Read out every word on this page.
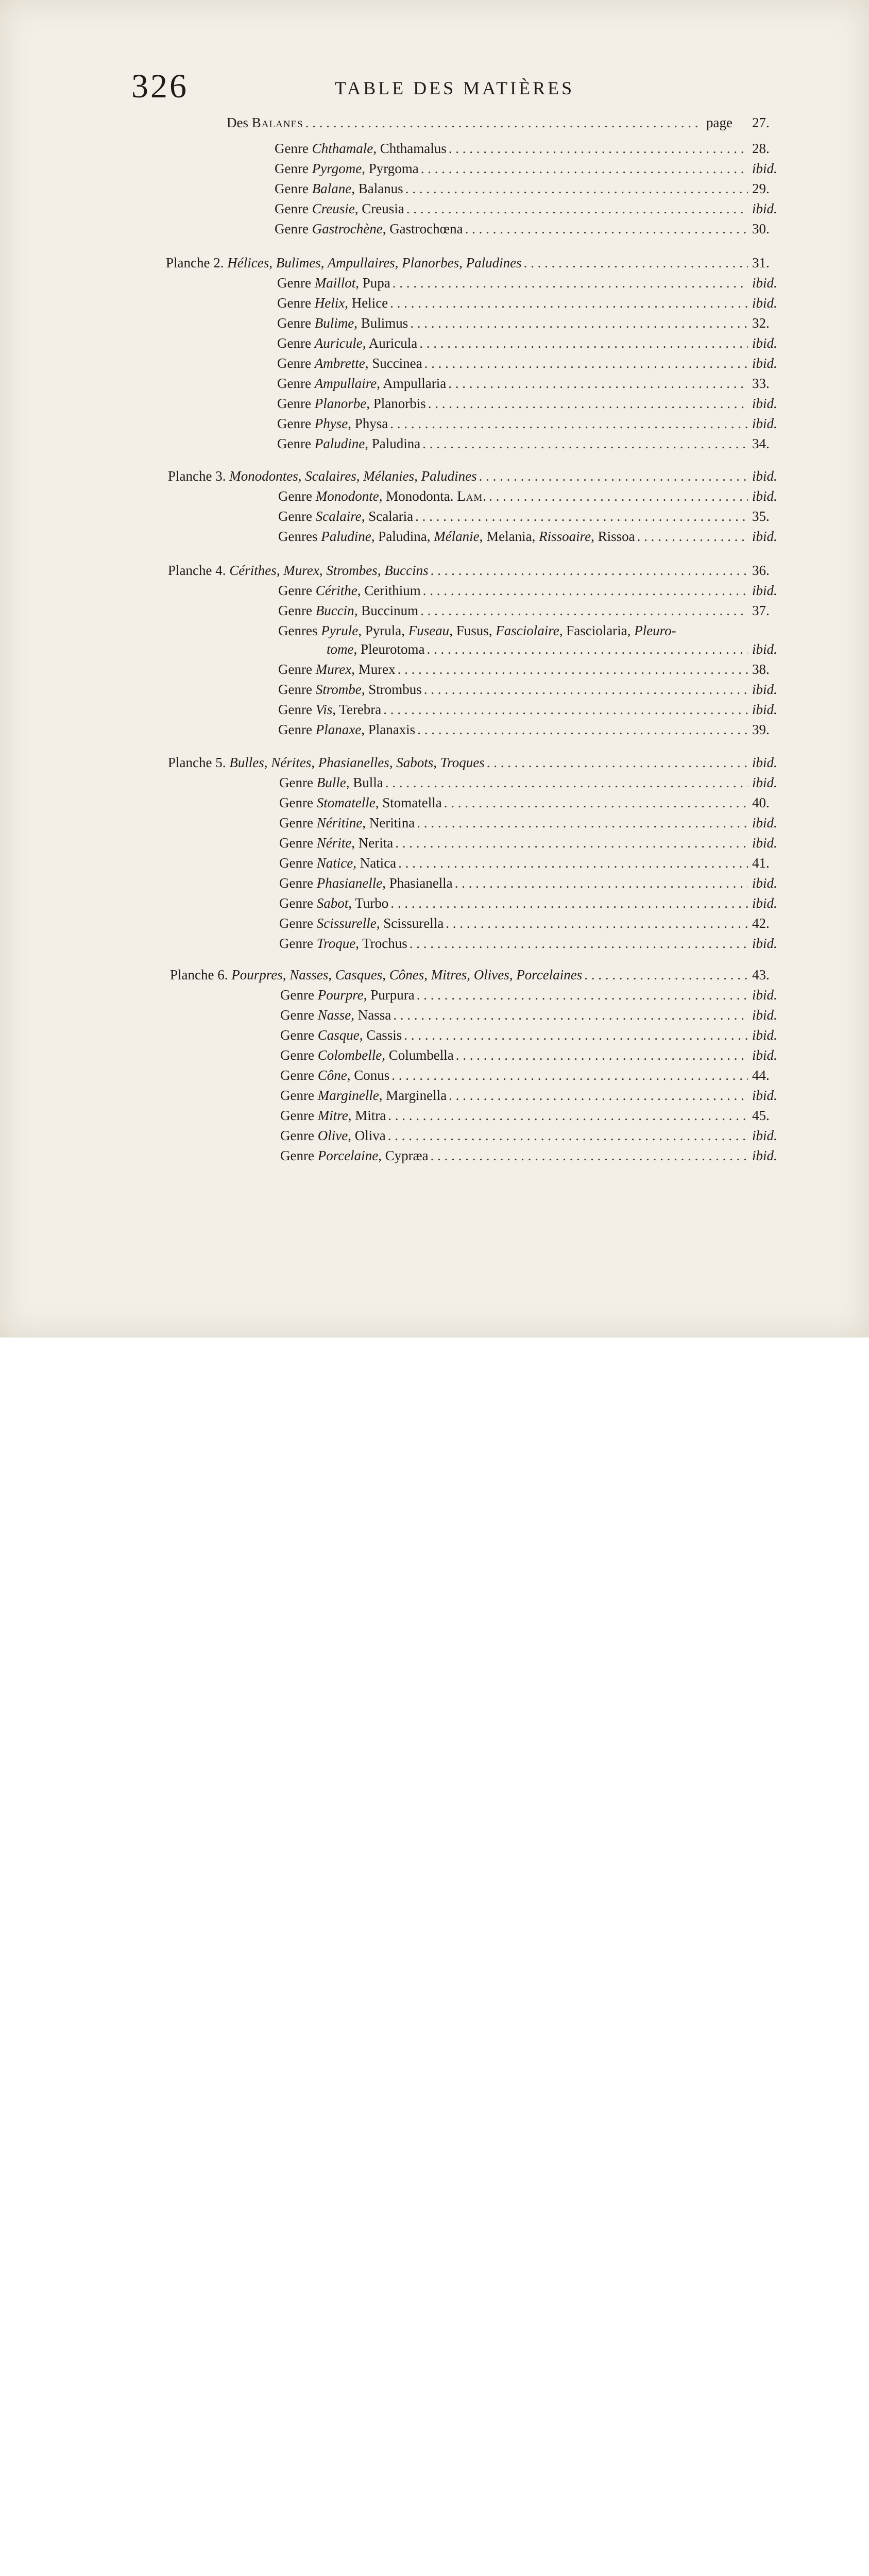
326	TABLE DES MATIÈRES
Des Balanes . . .	page 27.
Genre Chthamale , Chthamalus . . .	28.
Genre Pyrgome , Pyrgoma . . .	ibid.
Genre Balane , Balanus . . .	29.
Genre Creusie , Creusia . . .	ibid.
Genre Gastrochène , Gastrochœna . . .	30.
Planche 2. Hélices, Bulimes, Ampullaires, Planorbes, Paludines . . .	31.
Genre Maillot , Pupa . . .	ibid.
Genre Helix , Helice . . .	ibid.
Genre Bulime , Bulimus . . .	32.
Genre Auricule , Auricula . . .	ibid.
Genre Ambrette , Succinea . . .	ibid.
Genre Ampullaire , Ampullaria . . .	33.
Genre Planorbe , Planorbis . . .	ibid.
Genre Physe , Physa . . .	ibid.
Genre Paludine , Paludina . . .	34.
Planche 3. Monodontes, Scalaires, Mélanies, Paludines . . .	ibid.
Genre Monodonte , Monodonta. Lam. . . .	ibid.
Genre Scalaire , Scalaria . . .	35.
Genres Paludine , Paludina, Mélanie , Melania, Rissoaire , Rissoa . . .	ibid.
Planche 4. Cérithes, Murex, Strombes, Buccins . . .	36.
Genre Cérithe , Cerithium . . .	ibid.
Genre Buccin , Buccinum . . .	37.
Genres Pyrule , Pyrula, Fuseau , Fusus, Fasciolaire , Fasciolaria, Pleuro-
tome , Pleurotoma . . .	ibid.
Genre Murex , Murex . . .	38.
Genre Strombe , Strombus . . .	ibid.
Genre Vis , Terebra . . .	ibid.
Genre Planaxe , Planaxis . . .	39.
Planche 5. Bulles, Nérites, Phasianelles, Sabots, Troques . . .	ibid.
Genre Bulle , Bulla . . .	ibid.
Genre Stomatelle , Stomatella . . .	40.
Genre Néritine , Neritina . . .	ibid.
Genre Nérite , Nerita . . .	ibid.
Genre Natice , Natica . . .	41.
Genre Phasianelle , Phasianella . . .	ibid.
Genre Sabot , Turbo . . .	ibid.
Genre Scissurelle , Scissurella . . .	42.
Genre Troque , Trochus . . .	ibid.
Planche 6. Pourpres, Nasses, Casques, Cônes, Mitres, Olives, Porcelaines . . .	43.
Genre Pourpre , Purpura . . .	ibid.
Genre Nasse , Nassa . . .	ibid.
Genre Casque , Cassis . . .	ibid.
Genre Colombelle , Columbella . . .	ibid.
Genre Cône , Conus . . .	44.
Genre Marginelle , Marginella . . .	ibid.
Genre Mitre , Mitra . . .	45.
Genre Olive , Oliva . . .	ibid.
Genre Porcelaine , Cypræa . . .	ibid.
